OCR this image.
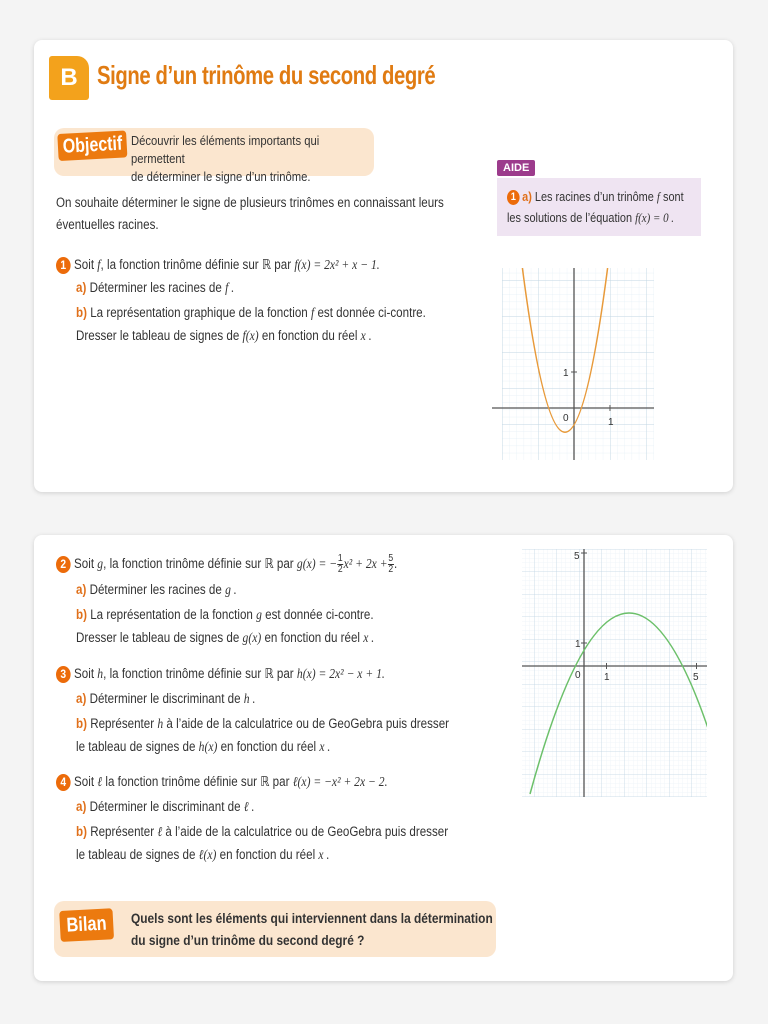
B Signe d’un trinôme du second degré
Objectif Découvrir les éléments importants qui permettent
de déterminer le signe d’un trinôme.
On souhaite déterminer le signe de plusieurs trinômes en connaissant leurs
éventuelles racines.
AIDE
1 a) Les racines d’un trinôme f sont
les solutions de l’équation f(x) = 0 .
1 Soit f, la fonction trinôme définie sur ℝ par f(x) = 2x² + x − 1.
a) Déterminer les racines de f .
b) La représentation graphique de la fonction f est donnée ci-contre.
Dresser le tableau de signes de f(x) en fonction du réel x .
1
0	1
2 Soit g, la fonction trinôme définie sur ℝ par g(x) = − $\frac{1}{2} x^2 + 2x + \frac{5}{2}$ .
a) Déterminer les racines de g .
b) La représentation de la fonction g est donnée ci-contre.
Dresser le tableau de signes de g(x) en fonction du réel x .
3 Soit h, la fonction trinôme définie sur ℝ par h(x) = 2x² − x + 1.
a) Déterminer le discriminant de h .
b) Représenter h à l’aide de la calculatrice ou de GeoGebra puis dresser
le tableau de signes de h(x) en fonction du réel x .
4 Soit ℓ la fonction trinôme définie sur ℝ par ℓ(x) = −x² + 2x − 2.
a) Déterminer le discriminant de ℓ .
b) Représenter ℓ à l’aide de la calculatrice ou de GeoGebra puis dresser
le tableau de signes de ℓ(x) en fonction du réel x .
5
1
0 1	5
Bilan	Quels sont les éléments qui interviennent dans la détermination
du signe d’un trinôme du second degré ?
